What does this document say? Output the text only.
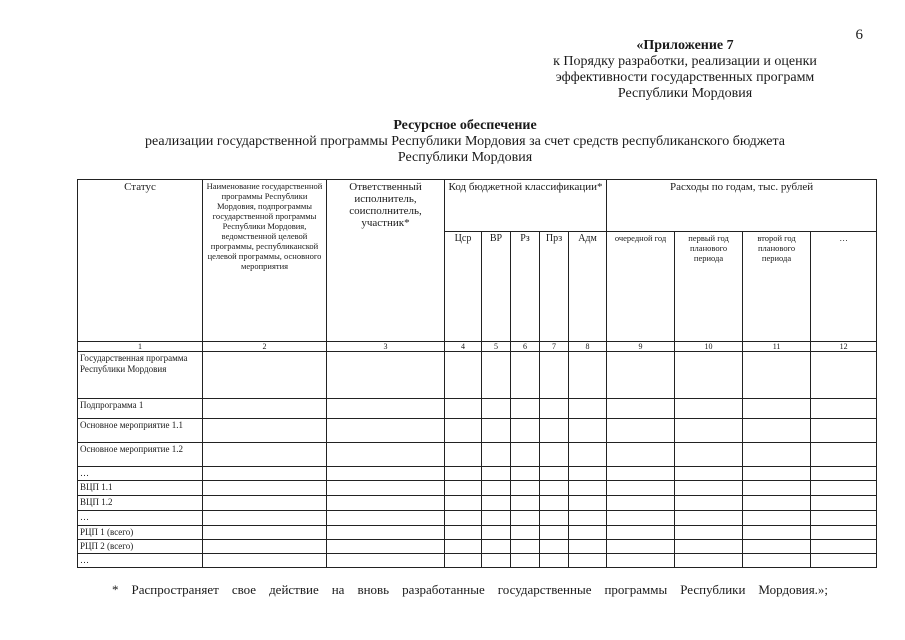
6
«Приложение 7
к Порядку разработки, реализации и оценки
эффективности государственных программ
Республики Мордовия
Ресурсное обеспечение
реализации государственной программы Республики Мордовия за счет средств республиканского бюджета
Республики Мордовия
Статус	Наименование государственной программы Республики Мордовия, подпрограммы государственной программы Республики Мордовия, ведомственной целевой программы, республиканской целевой программы, основного мероприятия	Ответственный исполнитель, соисполнитель, участник*	Код бюджетной классификации*					Расходы по годам, тыс. рублей			
			Цср	ВР	Рз	Прз	Адм	очередной год	первый год планового периода	второй год планового периода	…
1	2	3	4	5	6	7	8	9	10	11	12
Государственная программа Республики Мордовия											
Подпрограмма 1											
Основное мероприятие 1.1											
Основное мероприятие 1.2											
…											
ВЦП 1.1											
ВЦП 1.2											
…											
РЦП 1 (всего)											
РЦП 2 (всего)											
…											
*    Распространяет    свое    действие    на    вновь    разработанные    государственные    программы    Республики    Мордовия.»;
